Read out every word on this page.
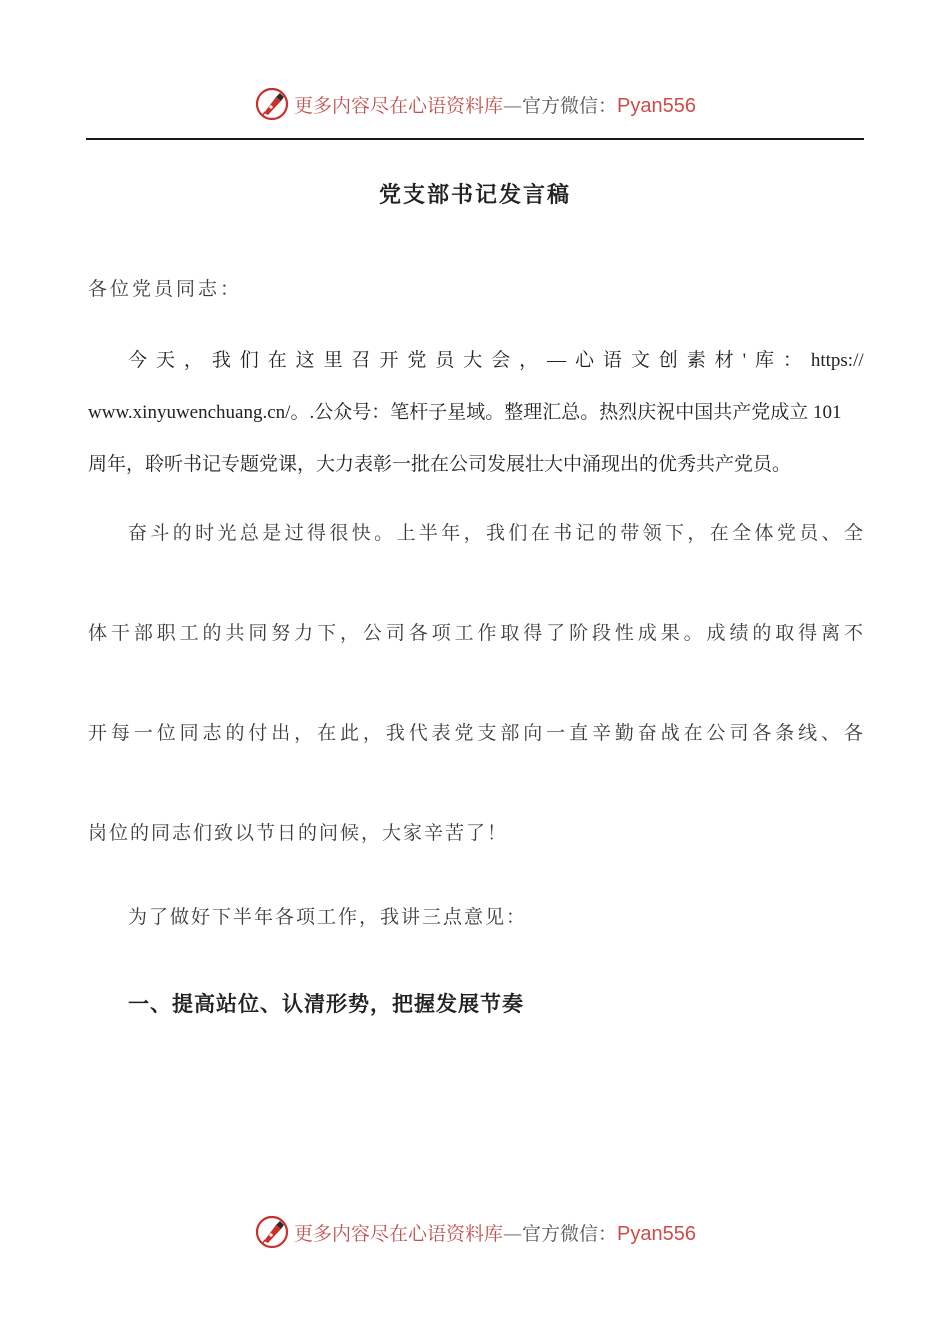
更多内容尽在心语资料库—官方微信：Pyan556
党支部书记发言稿
各位党员同志：
今 天 ， 我 们 在 这 里 召 开 党 员 大 会 ， — 心 语 文 创 素 材 ' 库 ： https://
www.xinyuwenchuang.cn/。.公众号：笔杆子星域。整理汇总。热烈庆祝中国共产党成立 101
周年，聆听书记专题党课，大力表彰一批在公司发展壮大中涌现出的优秀共产党员。
奋斗的时光总是过得很快。上半年，我们在书记的带领下，在全体党员、全
体干部职工的共同努力下，公司各项工作取得了阶段性成果。成绩的取得离不
开每一位同志的付出，在此，我代表党支部向一直辛勤奋战在公司各条线、各
岗位的同志们致以节日的问候，大家辛苦了！
为了做好下半年各项工作，我讲三点意见：
一、提高站位、认清形势，把握发展节奏
更多内容尽在心语资料库—官方微信：Pyan556
